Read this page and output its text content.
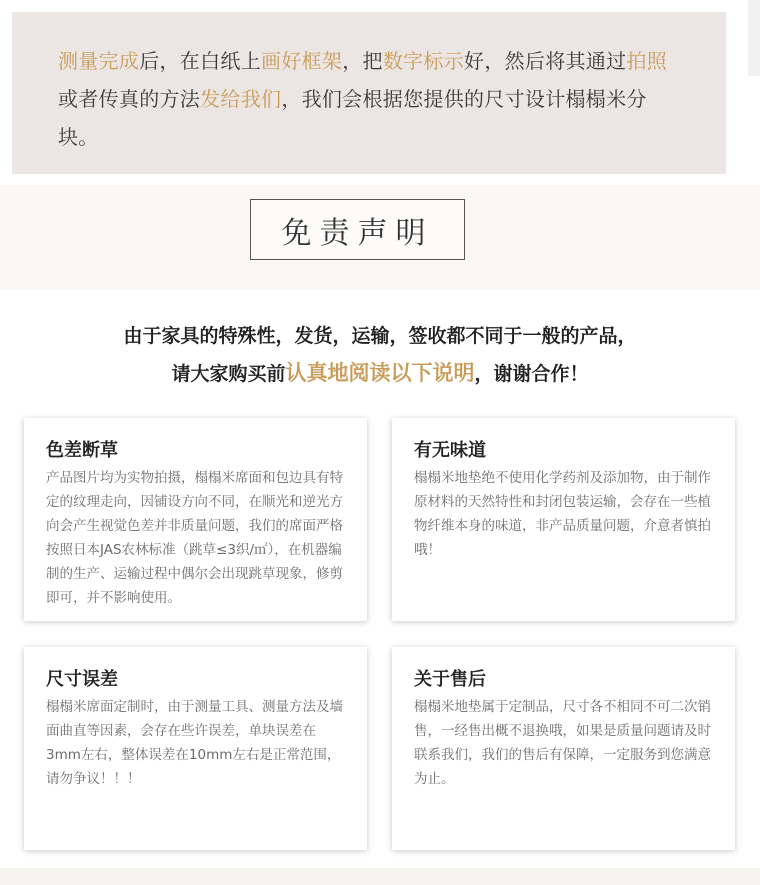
测量完成后，在白纸上画好框架，把数字标示好，然后将其通过拍照或者传真的方法发给我们，我们会根据您提供的尺寸设计榻榻米分块。
免责声明
由于家具的特殊性，发货，运输，签收都不同于一般的产品，
请大家购买前认真地阅读以下说明，谢谢合作！
色差断草
产品图片均为实物拍摄，榻榻米席面和包边具有特定的纹理走向，因铺设方向不同，在顺光和逆光方向会产生视觉色差并非质量问题，我们的席面严格按照日本JAS农林标准（跳草≤3织/㎡），在机器编制的生产、运输过程中偶尔会出现跳草现象，修剪即可，并不影响使用。
有无味道
榻榻米地垫绝不使用化学药剂及添加物，由于制作原材料的天然特性和封闭包装运输，会存在一些植物纤维本身的味道，非产品质量问题，介意者慎拍哦！
尺寸误差
榻榻米席面定制时，由于测量工具、测量方法及墙面曲直等因素，会存在些许误差，单块误差在3mm左右，整体误差在10mm左右是正常范围，请勿争议！！！
关于售后
榻榻米地垫属于定制品，尺寸各不相同不可二次销售，一经售出概不退换哦，如果是质量问题请及时联系我们，我们的售后有保障，一定服务到您满意为止。
